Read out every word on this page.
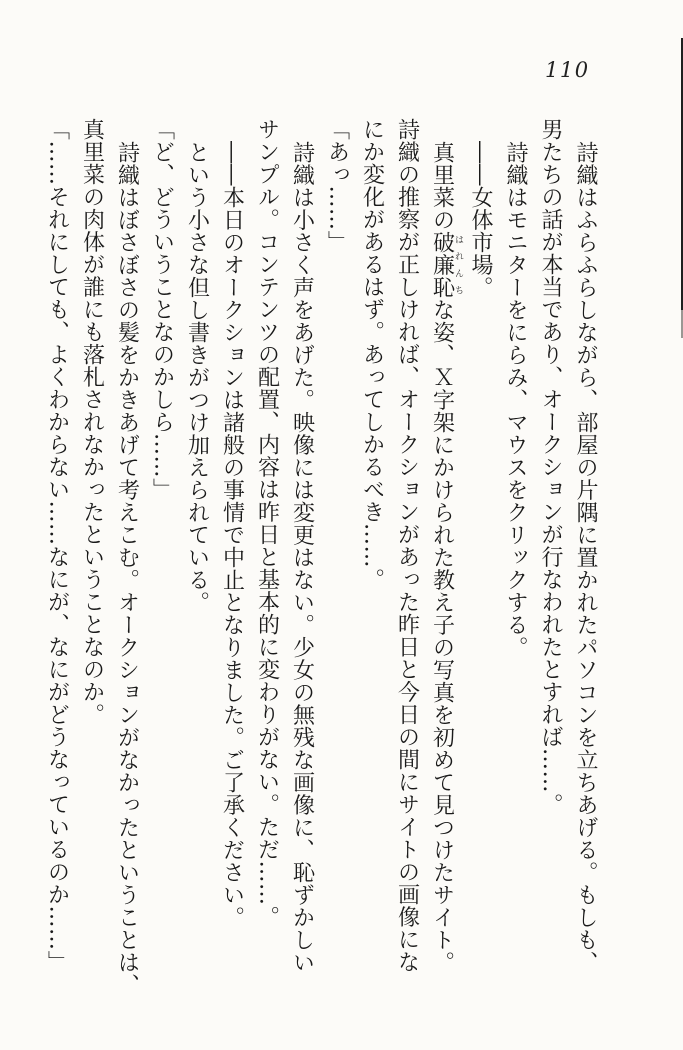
110
詩織はふらふらしながら、部屋の片隅に置かれたパソコンを立ちあげる。もしも、
男たちの話が本当であり、オークションが行なわれたとすれば……。
詩織はモニターをにらみ、マウスをクリックする。
――女体市場。
真里菜の破廉恥はれんちな姿、Ｘ字架にかけられた教え子の写真を初めて見つけたサイト。
詩織の推察が正しければ、オークションがあった昨日と今日の間にサイトの画像にな
にか変化があるはず。あってしかるべき……。
「あっ……」
詩織は小さく声をあげた。映像には変更はない。少女の無残な画像に、恥ずかしい
サンプル。コンテンツの配置、内容は昨日と基本的に変わりがない。ただ……。
――本日のオークションは諸般の事情で中止となりました。ご了承ください。
という小さな但し書きがつけ加えられている。
「ど、どういうことなのかしら……」
詩織はぼさぼさの髪をかきあげて考えこむ。オークションがなかったということは、
真里菜の肉体が誰にも落札されなかったということなのか。
「……それにしても、よくわからない……なにが、なにがどうなっているのか……」
